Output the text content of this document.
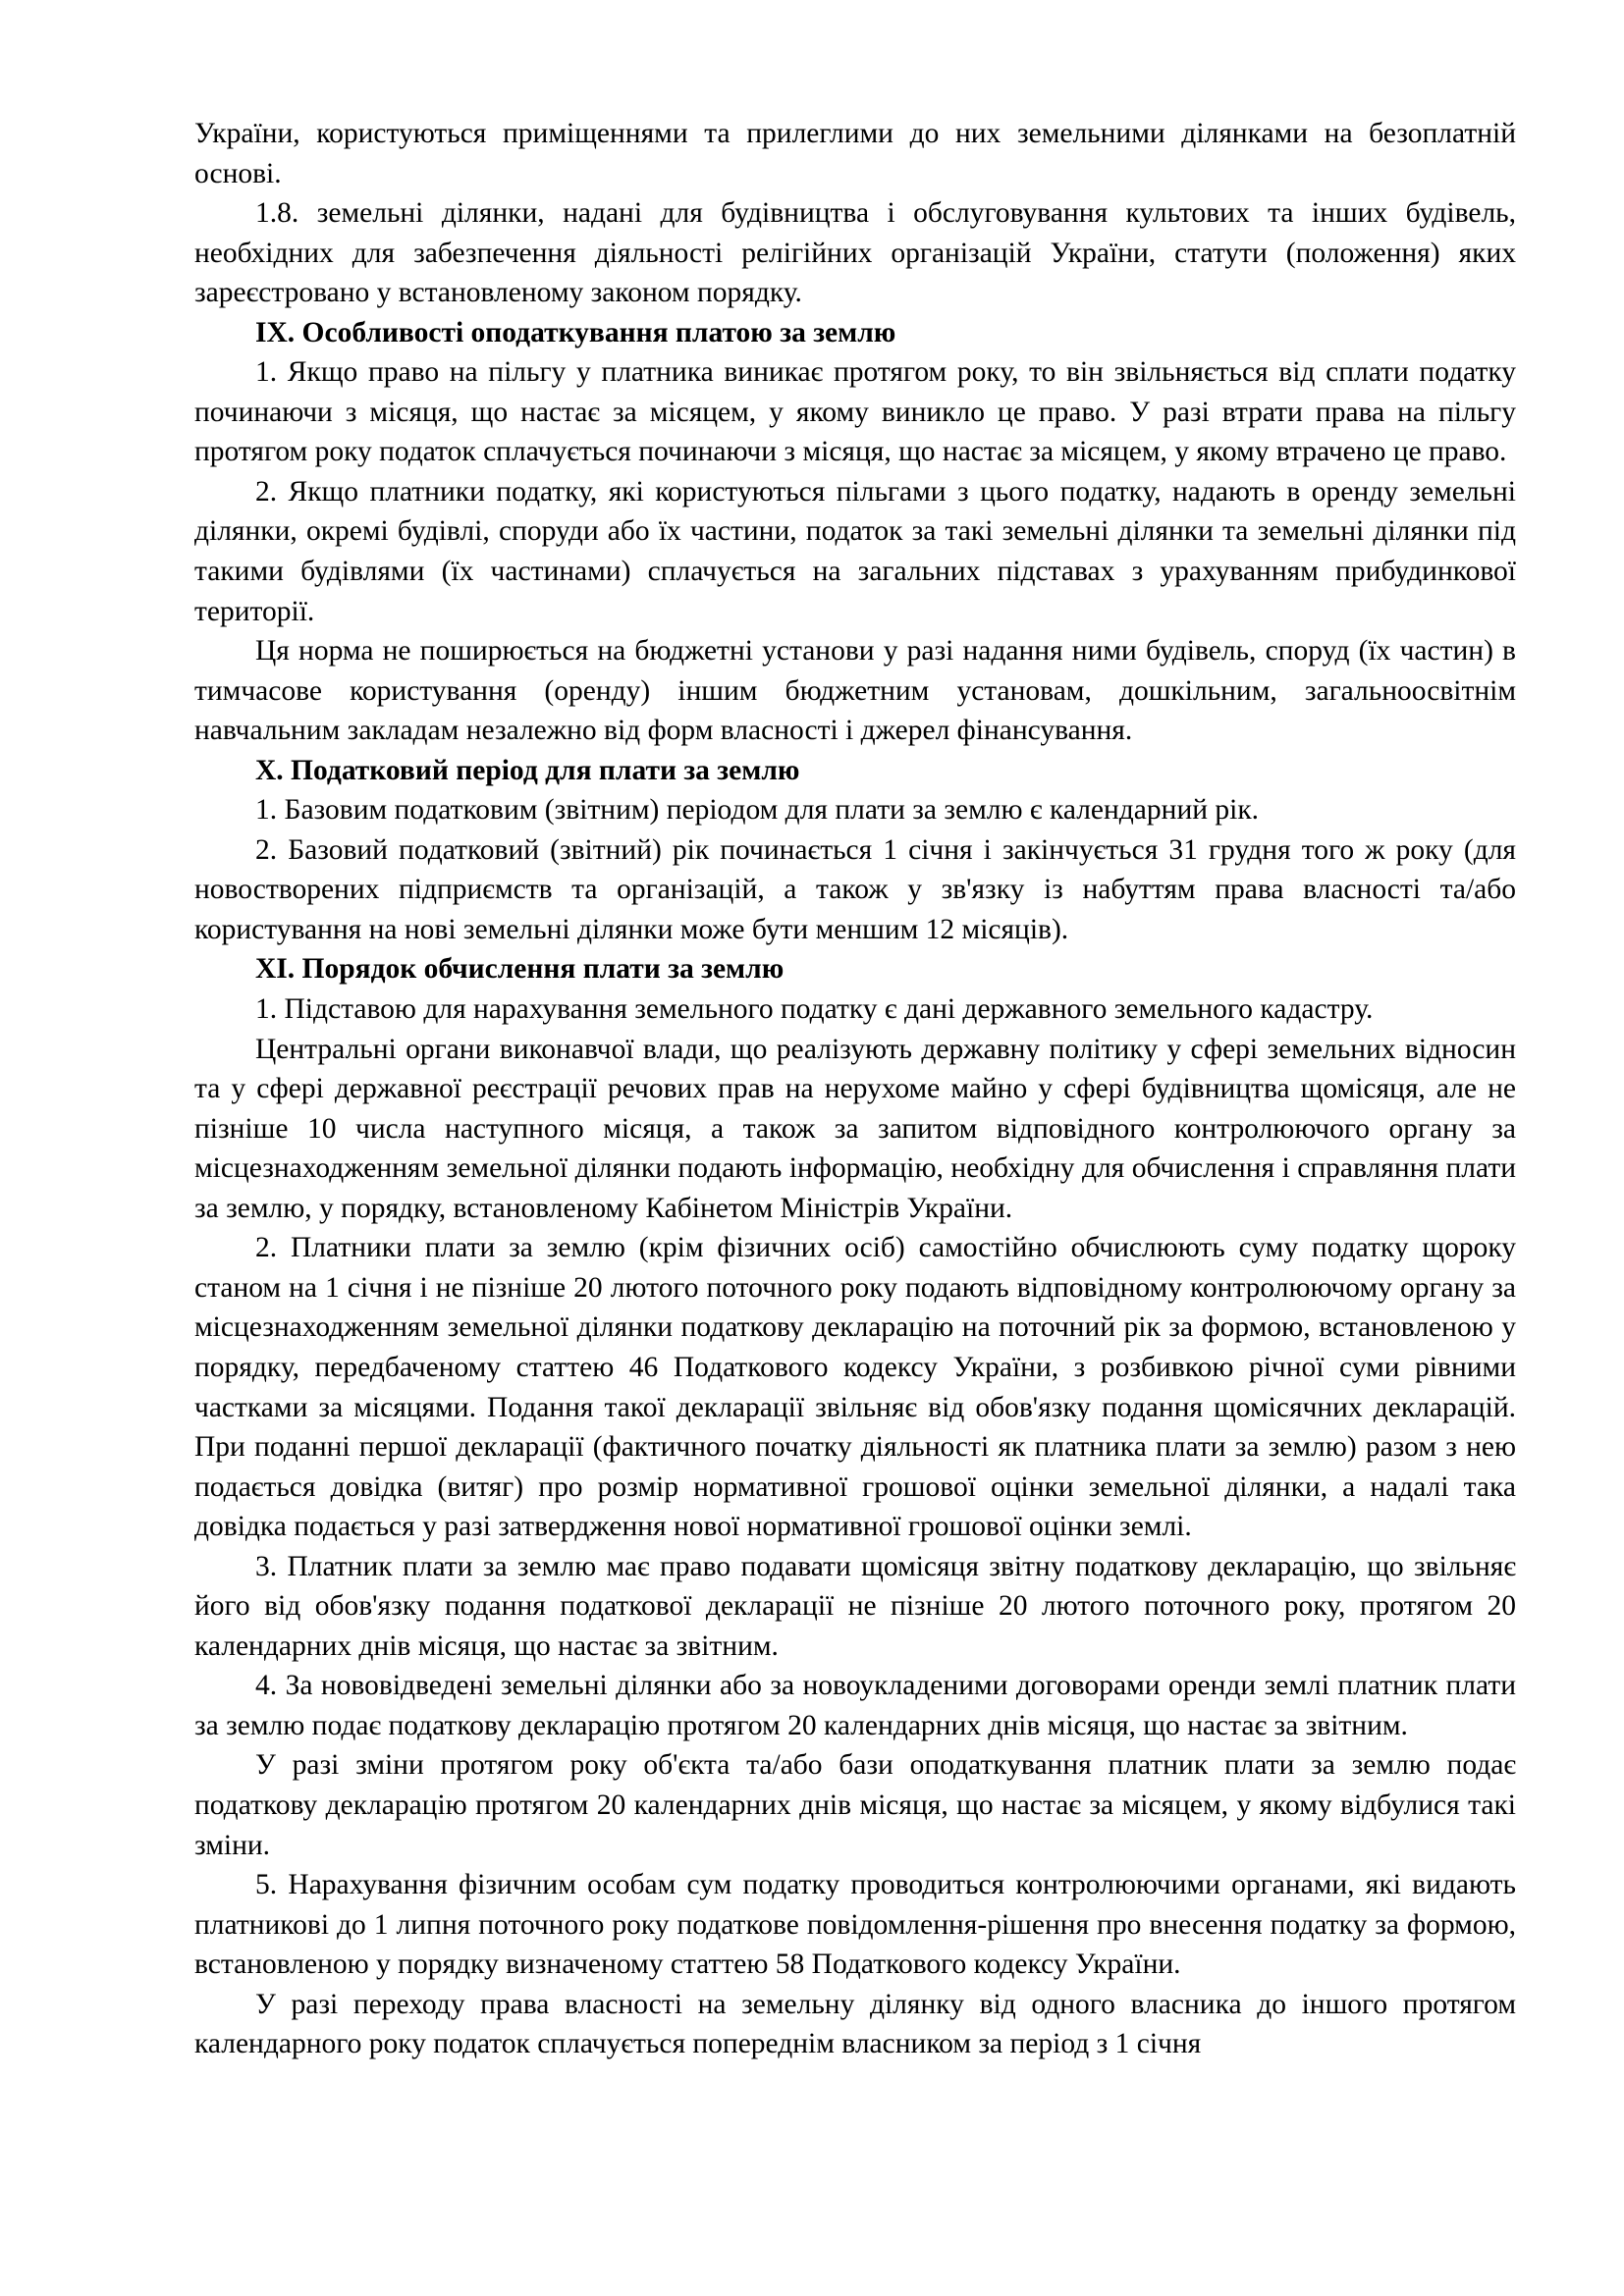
України, користуються приміщеннями та прилеглими до них земельними ділянками на безоплатній основі.

1.8. земельні ділянки, надані для будівництва і обслуговування культових та інших будівель, необхідних для забезпечення діяльності релігійних організацій України, статути (положення) яких зареєстровано у встановленому законом порядку.

IX. Особливості оподаткування платою за землю

1. Якщо право на пільгу у платника виникає протягом року, то він звільняється від сплати податку починаючи з місяця, що настає за місяцем, у якому виникло це право. У разі втрати права на пільгу протягом року податок сплачується починаючи з місяця, що настає за місяцем, у якому втрачено це право.

2. Якщо платники податку, які користуються пільгами з цього податку, надають в оренду земельні ділянки, окремі будівлі, споруди або їх частини, податок за такі земельні ділянки та земельні ділянки під такими будівлями (їх частинами) сплачується на загальних підставах з урахуванням прибудинкової території.

Ця норма не поширюється на бюджетні установи у разі надання ними будівель, споруд (їх частин) в тимчасове користування (оренду) іншим бюджетним установам, дошкільним, загальноосвітнім навчальним закладам незалежно від форм власності і джерел фінансування.

X. Податковий період для плати за землю

1. Базовим податковим (звітним) періодом для плати за землю є календарний рік.

2. Базовий податковий (звітний) рік починається 1 січня і закінчується 31 грудня того ж року (для новостворених підприємств та організацій, а також у зв'язку із набуттям права власності та/або користування на нові земельні ділянки може бути меншим 12 місяців).

XI. Порядок обчислення плати за землю

1. Підставою для нарахування земельного податку є дані державного земельного кадастру.

Центральні органи виконавчої влади, що реалізують державну політику у сфері земельних відносин та у сфері державної реєстрації речових прав на нерухоме майно у сфері будівництва щомісяця, але не пізніше 10 числа наступного місяця, а також за запитом відповідного контролюючого органу за місцезнаходженням земельної ділянки подають інформацію, необхідну для обчислення і справляння плати за землю, у порядку, встановленому Кабінетом Міністрів України.

2. Платники плати за землю (крім фізичних осіб) самостійно обчислюють суму податку щороку станом на 1 січня і не пізніше 20 лютого поточного року подають відповідному контролюючому органу за місцезнаходженням земельної ділянки податкову декларацію на поточний рік за формою, встановленою у порядку, передбаченому статтею 46 Податкового кодексу України, з розбивкою річної суми рівними частками за місяцями. Подання такої декларації звільняє від обов'язку подання щомісячних декларацій. При поданні першої декларації (фактичного початку діяльності як платника плати за землю) разом з нею подається довідка (витяг) про розмір нормативної грошової оцінки земельної ділянки, а надалі така довідка подається у разі затвердження нової нормативної грошової оцінки землі.

3. Платник плати за землю має право подавати щомісяця звітну податкову декларацію, що звільняє його від обов'язку подання податкової декларації не пізніше 20 лютого поточного року, протягом 20 календарних днів місяця, що настає за звітним.

4. За нововідведені земельні ділянки або за новоукладеними договорами оренди землі платник плати за землю подає податкову декларацію протягом 20 календарних днів місяця, що настає за звітним.

У разі зміни протягом року об'єкта та/або бази оподаткування платник плати за землю подає податкову декларацію протягом 20 календарних днів місяця, що настає за місяцем, у якому відбулися такі зміни.

5. Нарахування фізичним особам сум податку проводиться контролюючими органами, які видають платникові до 1 липня поточного року податкове повідомлення-рішення про внесення податку за формою, встановленою у порядку визначеному статтею 58 Податкового кодексу України.

У разі переходу права власності на земельну ділянку від одного власника до іншого протягом календарного року податок сплачується попереднім власником за період з 1 січня
